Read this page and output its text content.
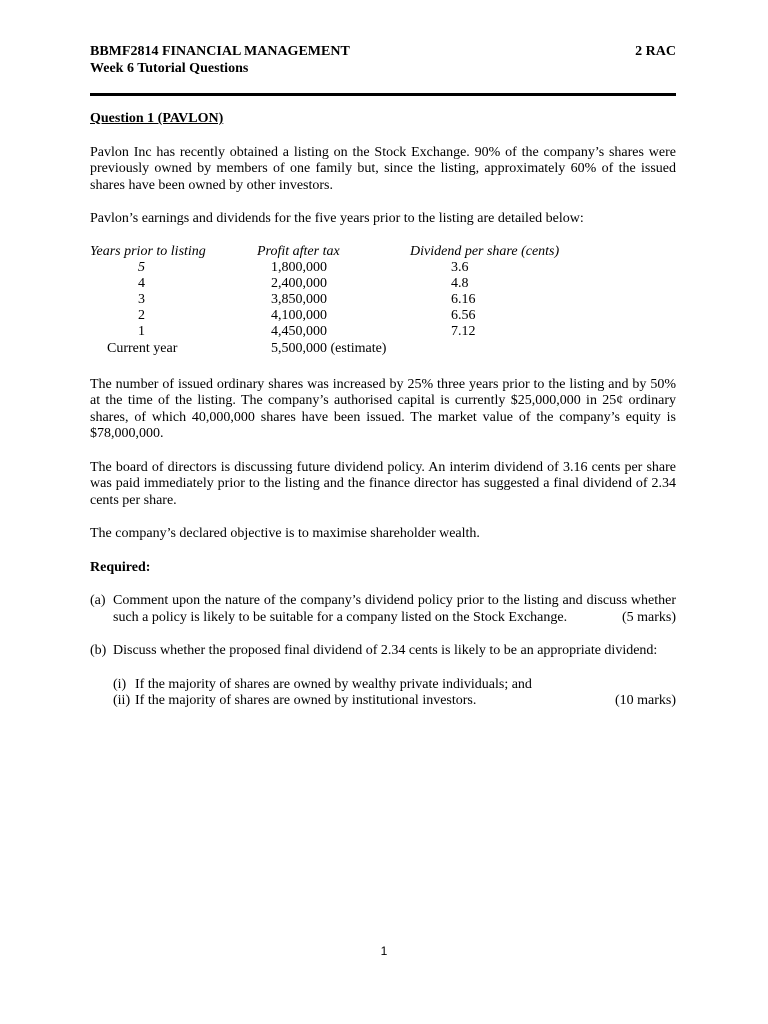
BBMF2814 FINANCIAL MANAGEMENT	2 RAC
Week 6 Tutorial Questions
Question 1 (PAVLON)
Pavlon Inc has recently obtained a listing on the Stock Exchange. 90% of the company’s shares were previously owned by members of one family but, since the listing, approximately 60% of the issued shares have been owned by other investors.
Pavlon’s earnings and dividends for the five years prior to the listing are detailed below:
Years prior to listing	Profit after tax	Dividend per share (cents)
5	1,800,000	3.6
4	2,400,000	4.8
3	3,850,000	6.16
2	4,100,000	6.56
1	4,450,000	7.12
Current year	5,500,000 (estimate)
The number of issued ordinary shares was increased by 25% three years prior to the listing and by 50% at the time of the listing. The company’s authorised capital is currently $25,000,000 in 25¢ ordinary shares, of which 40,000,000 shares have been issued. The market value of the company’s equity is $78,000,000.
The board of directors is discussing future dividend policy. An interim dividend of 3.16 cents per share was paid immediately prior to the listing and the finance director has suggested a final dividend of 2.34 cents per share.
The company’s declared objective is to maximise shareholder wealth.
Required:
(a) Comment upon the nature of the company’s dividend policy prior to the listing and discuss whether such a policy is likely to be suitable for a company listed on the Stock Exchange.	(5 marks)
(b) Discuss whether the proposed final dividend of 2.34 cents is likely to be an appropriate dividend:
(i) If the majority of shares are owned by wealthy private individuals; and
(ii) If the majority of shares are owned by institutional investors.	(10 marks)
1
